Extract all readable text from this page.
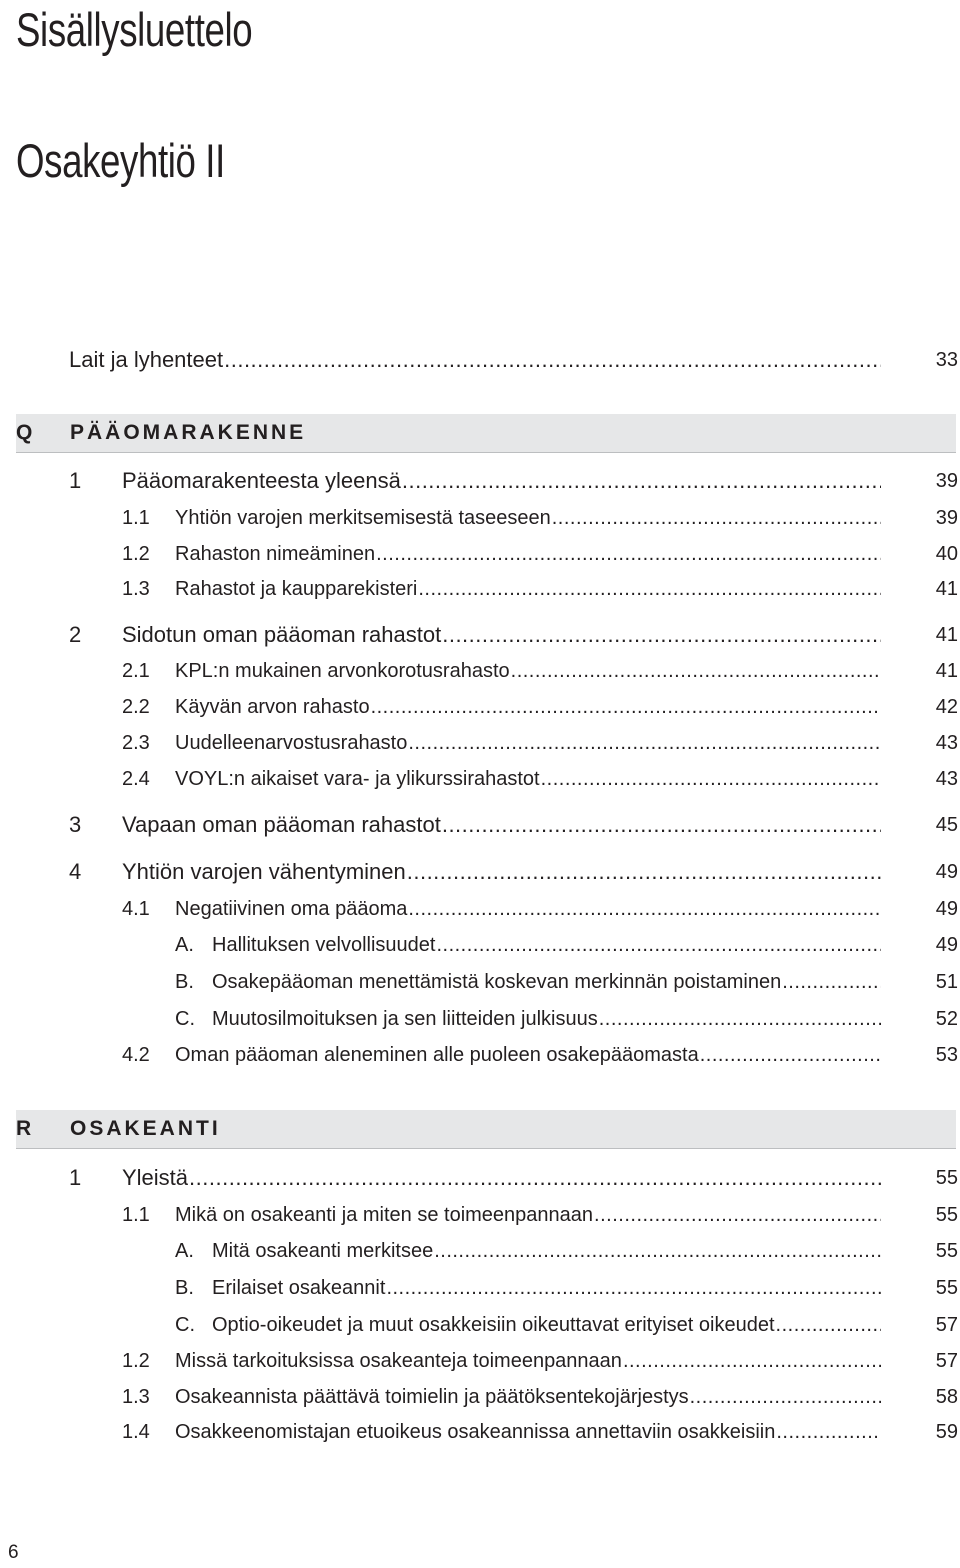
Sisällysluettelo
Osakeyhtiö II
Lait ja lyhenteet .....	33
Q PÄÄOMARAKENNE
1 Pääomarakenteesta yleensä .....	39
1.1 Yhtiön varojen merkitsemisestä taseeseen .....	39
1.2 Rahaston nimeäminen .....	40
1.3 Rahastot ja kaupparekisteri .....	41
2 Sidotun oman pääoman rahastot .....	41
2.1 KPL:n mukainen arvonkorotusrahasto .....	41
2.2 Käyvän arvon rahasto .....	42
2.3 Uudelleenarvostusrahasto .....	43
2.4 VOYL:n aikaiset vara- ja ylikurssirahastot .....	43
3 Vapaan oman pääoman rahastot .....	45
4 Yhtiön varojen vähentyminen .....	49
4.1 Negatiivinen oma pääoma .....	49
A. Hallituksen velvollisuudet .....	49
B. Osakepääoman menettämistä koskevan merkinnän poistaminen .....	51
C. Muutosilmoituksen ja sen liitteiden julkisuus .....	52
4.2 Oman pääoman aleneminen alle puoleen osakepääomasta .....	53
R OSAKEANTI
1 Yleistä .....	55
1.1 Mikä on osakeanti ja miten se toimeenpannaan .....	55
A. Mitä osakeanti merkitsee .....	55
B. Erilaiset osakeannit .....	55
C. Optio-oikeudet ja muut osakkeisiin oikeuttavat erityiset oikeudet .....	57
1.2 Missä tarkoituksissa osakeanteja toimeenpannaan .....	57
1.3 Osakeannista päättävä toimielin ja päätöksentekojärjestys .....	58
1.4 Osakkeenomistajan etuoikeus osakeannissa annettaviin osakkeisiin .....	59
6
